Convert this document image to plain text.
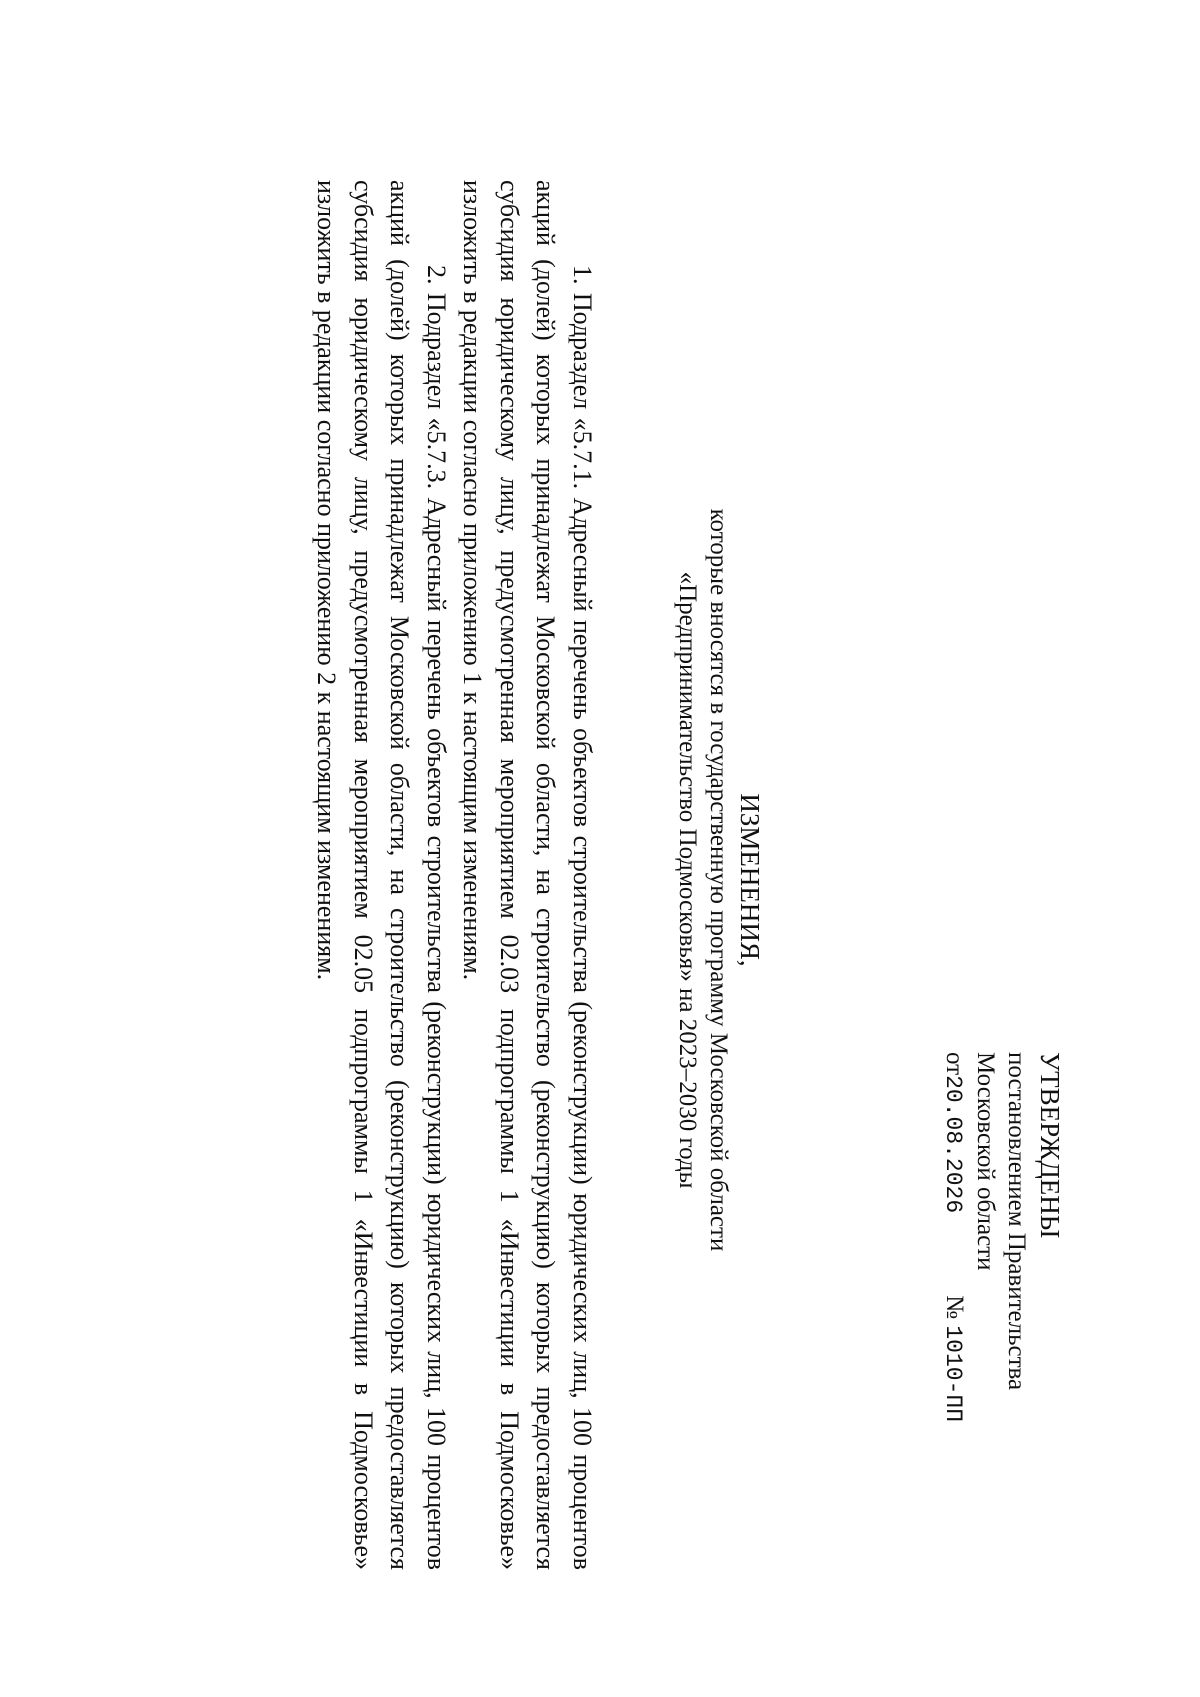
УТВЕРЖДЕНЫ
постановлением Правительства
Московской области
от20.08.2026
№ 1010-ПП
ИЗМЕНЕНИЯ,
которые вносятся в государственную программу Московской области
«Предпринимательство Подмосковья» на 2023–2030 годы

1. Подраздел «5.7.1. Адресный перечень объектов строительства (реконструкции) юридических лиц, 100 процентов акций (долей) которых принадлежат Московской области, на строительство (реконструкцию) которых предоставляется субсидия юридическому лицу, предусмотренная мероприятием 02.03 подпрограммы 1 «Инвестиции в Подмосковье» изложить в редакции согласно приложению 1 к настоящим изменениям.

2. Подраздел «5.7.3. Адресный перечень объектов строительства (реконструкции) юридических лиц, 100 процентов акций (долей) которых принадлежат Московской области, на строительство (реконструкцию) которых предоставляется субсидия юридическому лицу, предусмотренная мероприятием 02.05 подпрограммы 1 «Инвестиции в Подмосковье» изложить в редакции согласно приложению 2 к настоящим изменениям.
